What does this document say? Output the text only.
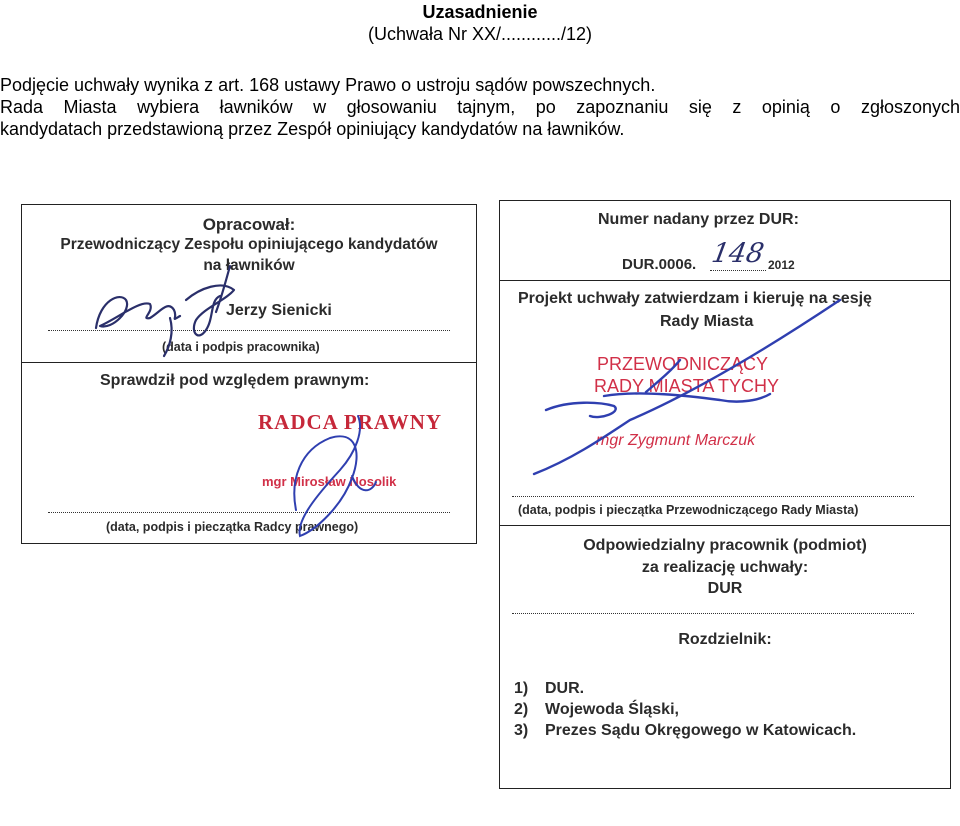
Uzasadnienie
(Uchwała Nr XX/............/12)
Podjęcie uchwały wynika z art. 168 ustawy Prawo o ustroju sądów powszechnych.
Rada Miasta wybiera ławników w głosowaniu tajnym, po zapoznaniu się z opinią o zgłoszonych
kandydatach przedstawioną przez Zespół opiniujący kandydatów na ławników.
Opracował:
Przewodniczący Zespołu opiniującego kandydatów
na ławników
Jerzy Sienicki
(data i podpis pracownika)
Sprawdził pod względem prawnym:
RADCA PRAWNY
mgr Mirosław Nosolik
(data, podpis i pieczątka Radcy prawnego)
Numer nadany przez DUR:
DUR.0006. 148 2012
Projekt uchwały zatwierdzam i kieruję na sesję
Rady Miasta
PRZEWODNICZĄCY
RADY MIASTA TYCHY
mgr Zygmunt Marczuk
(data, podpis i pieczątka Przewodniczącego Rady Miasta)
Odpowiedzialny pracownik (podmiot)
za realizację uchwały:
DUR
Rozdzielnik:
1) DUR.
2) Wojewoda Śląski,
3) Prezes Sądu Okręgowego w Katowicach.
